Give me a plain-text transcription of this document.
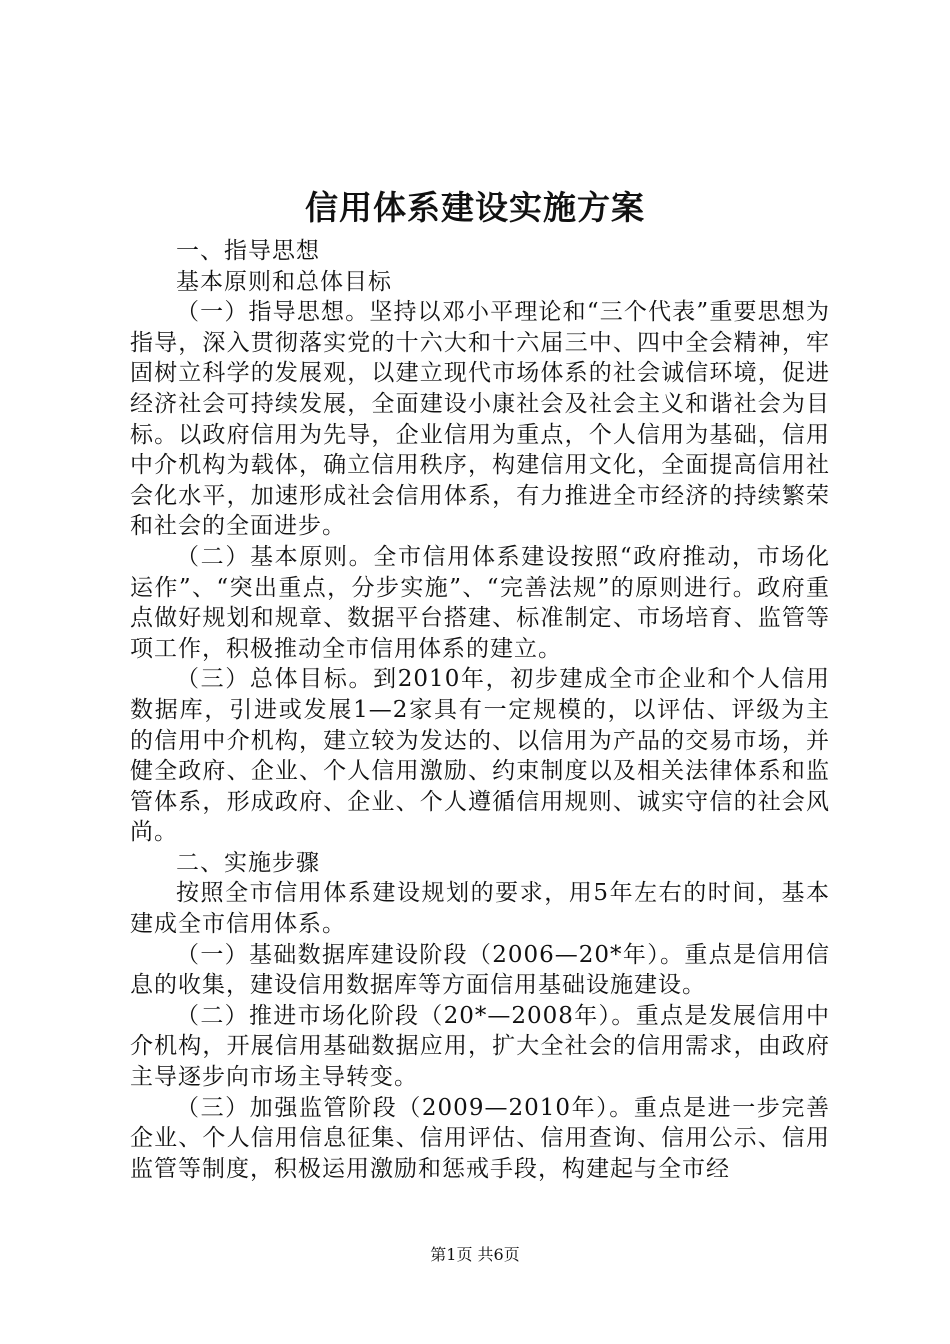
信用体系建设实施方案

一、指导思想

基本原则和总体目标

（一）指导思想。坚持以邓小平理论和“三个代表”重要思想为指导，深入贯彻落实党的十六大和十六届三中、四中全会精神，牢固树立科学的发展观，以建立现代市场体系的社会诚信环境，促进经济社会可持续发展，全面建设小康社会及社会主义和谐社会为目标。以政府信用为先导，企业信用为重点，个人信用为基础，信用中介机构为载体，确立信用秩序，构建信用文化，全面提高信用社会化水平，加速形成社会信用体系，有力推进全市经济的持续繁荣和社会的全面进步。

（二）基本原则。全市信用体系建设按照“政府推动，市场化运作”、“突出重点，分步实施”、“完善法规”的原则进行。政府重点做好规划和规章、数据平台搭建、标准制定、市场培育、监管等项工作，积极推动全市信用体系的建立。

（三）总体目标。到2010年，初步建成全市企业和个人信用数据库，引进或发展1—2家具有一定规模的，以评估、评级为主的信用中介机构，建立较为发达的、以信用为产品的交易市场，并健全政府、企业、个人信用激励、约束制度以及相关法律体系和监管体系，形成政府、企业、个人遵循信用规则、诚实守信的社会风尚。

二、实施步骤

按照全市信用体系建设规划的要求，用5年左右的时间，基本建成全市信用体系。

（一）基础数据库建设阶段（2006—20*年）。重点是信用信息的收集，建设信用数据库等方面信用基础设施建设。

（二）推进市场化阶段（20*—2008年）。重点是发展信用中介机构，开展信用基础数据应用，扩大全社会的信用需求，由政府主导逐步向市场主导转变。

（三）加强监管阶段（2009—2010年）。重点是进一步完善企业、个人信用信息征集、信用评估、信用查询、信用公示、信用监管等制度，积极运用激励和惩戒手段，构建起与全市经

第1页 共6页
